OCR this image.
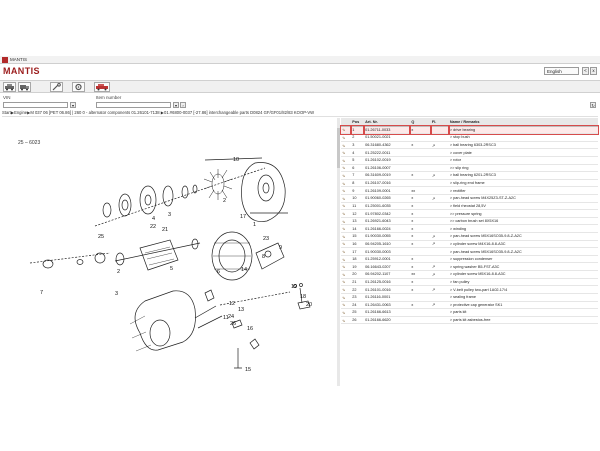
MANTIS
MANTIS	English	<	x
VIN
▾
Item number
▾	›	↻
Start▶Engine▶M 037 06 [PET 06.86] | 260 0 - alternator components 01.26101-7138 ▶01.#6800-0037 [-27.86] interchangeable parts D0824 GF/GF01/82/83 KOOP-VW
25 – 6023
1
2
3
4
5	6
7
8
9
10
11
12
13
14
15
16
17
18
19
20
21
22
23
24
25
26
2
3
	Pos	Art. Nr.	Q	Fl.	Name / Remarks
⇘	1	01.26711-0033	x		> drive bearing
⇘	2	01.50021-0021			> stop bush
⇘	3	06.31680-4362	x	↗	> ball bearing 6303-2RSC3
⇘	4	01.25222-0011			> cover plate
⇘	5	01.26102-0019			> rotor
⇘	6	01.26106-0007			>> slip ring
⇘	7	06.31609-0019	x	↗	> ball bearing 6201-2RSC3
⇘	8	01.26107-0016			> slip-ring end frame
⇘	9	01.26109-0001	xx		> rectifier
⇘	10	01.90060-0265	x	↗	> pan-head screw M4X25Z3-ST-Z-A2C
⇘	11	01.25001-6035	x		> field rheostat 28,5V
⇘	12	01.97802-0342	x		>> pressure spring
⇘	13	01.26921-6043	x		>> carbon brush set 8X5X16
⇘	14	01.26166-0024	x		> winding
⇘	15	01.90030-0055	x	↗	> pan-head screw M5X16SO35-9.8-Z-A2C
⇘	16	06.94205-1610	x	↗	> cylinder screw M4X16-8.8-A3C
⇘	17	01.90030-0003			> pan-head screw M5X16SO35-9.8-Z-A2C
⇘	18	01.25912-0001	x		> suppression condenser
⇘	19	06.16643-0207	x	↗	> spring washer B5-FST-A3C
⇘	20	06.94202-1107	xx	↗	> cylinder screw M5X16-8.8-A3C
⇘	21	01.26125-0016	x		> fan pulley
⇘	22	01.26101-0016	x	↗	> V-belt pulley two-part 1A02-17/4
⇘	23	01.26116-0001			> sealing frame
⇘	24	01.26431-0063	x	↗	> protective cap generator SK1
⇘	25	01.26166-6613			> parts kit
⇘	26	01.26166-6620			> parts kit asbestos-free
